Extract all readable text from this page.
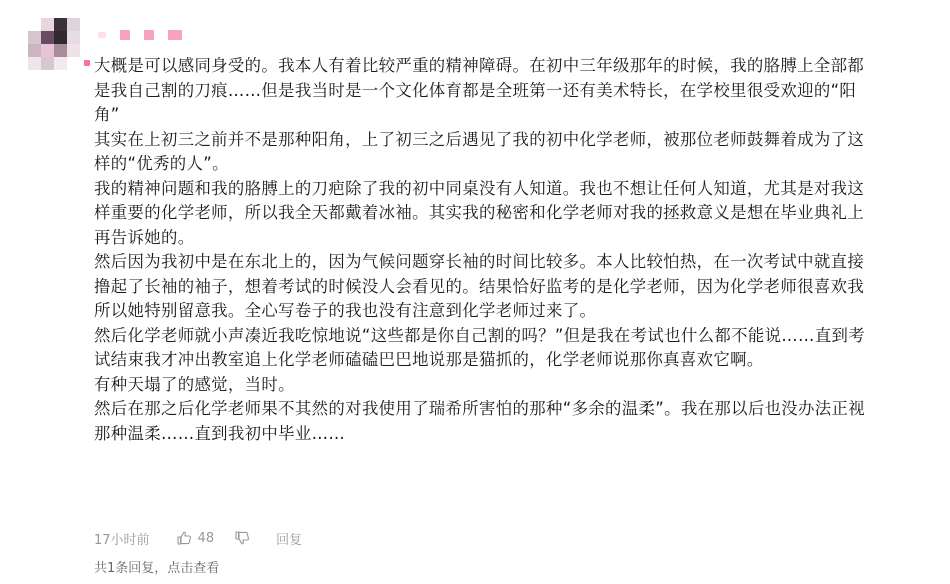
大概是可以感同身受的。我本人有着比较严重的精神障碍。在初中三年级那年的时候，我的胳膊上全部都
是我自己割的刀痕……但是我当时是一个文化体育都是全班第一还有美术特长，在学校里很受欢迎的“阳
角”

其实在上初三之前并不是那种阳角，上了初三之后遇见了我的初中化学老师，被那位老师鼓舞着成为了这
样的“优秀的人”。

我的精神问题和我的胳膊上的刀疤除了我的初中同桌没有人知道。我也不想让任何人知道，尤其是对我这
样重要的化学老师，所以我全天都戴着冰袖。其实我的秘密和化学老师对我的拯救意义是想在毕业典礼上
再告诉她的。

然后因为我初中是在东北上的，因为气候问题穿长袖的时间比较多。本人比较怕热，在一次考试中就直接
撸起了长袖的袖子，想着考试的时候没人会看见的。结果恰好监考的是化学老师，因为化学老师很喜欢我
所以她特别留意我。全心写卷子的我也没有注意到化学老师过来了。

然后化学老师就小声凑近我吃惊地说“这些都是你自己割的吗？”但是我在考试也什么都不能说……直到考
试结束我才冲出教室追上化学老师磕磕巴巴地说那是猫抓的，化学老师说那你真喜欢它啊。

有种天塌了的感觉，当时。

然后在那之后化学老师果不其然的对我使用了瑞希所害怕的那种“多余的温柔”。我在那以后也没办法正视
那种温柔……直到我初中毕业……

17小时前	48	回复
共1条回复，点击查看
